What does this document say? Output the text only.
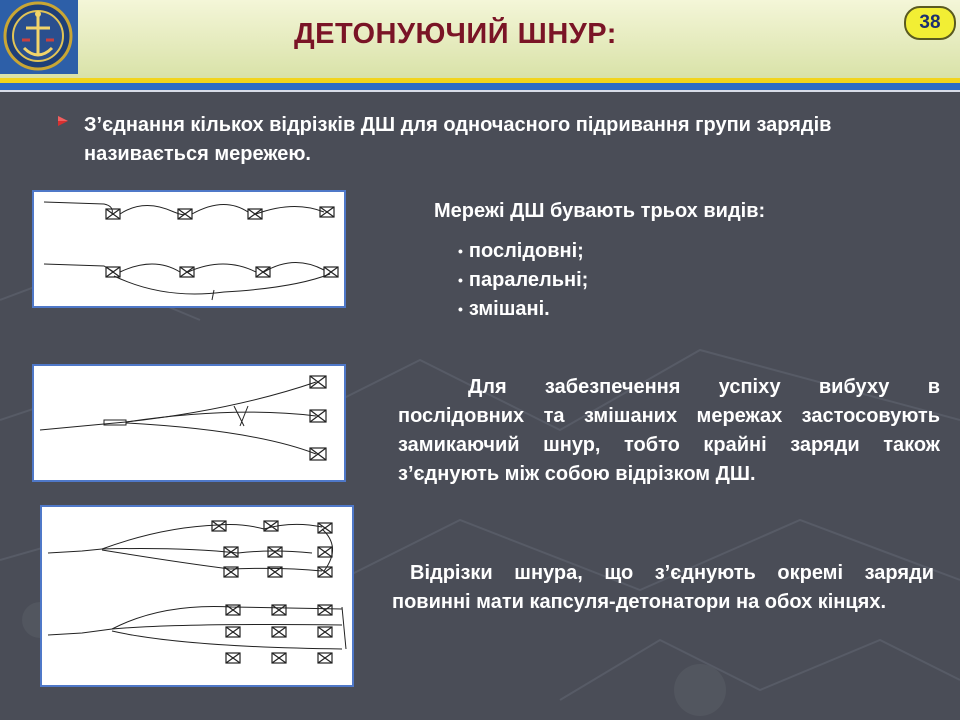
ДЕТОНУЮЧИЙ ШНУР:	38
З’єднання кількох відрізків ДШ для одночасного підривання групи зарядів називається мережею.
Мережі ДШ бувають трьох видів:
• послідовні;
• паралельні;
• змішані.
Для забезпечення успіху вибуху в послідовних та змішаних мережах застосовують замикаючий шнур, тобто крайні заряди також з’єднують між собою відрізком ДШ.
Відрізки шнура, що з’єднують окремі заряди повинні мати капсуля-детонатори на обох кінцях.
